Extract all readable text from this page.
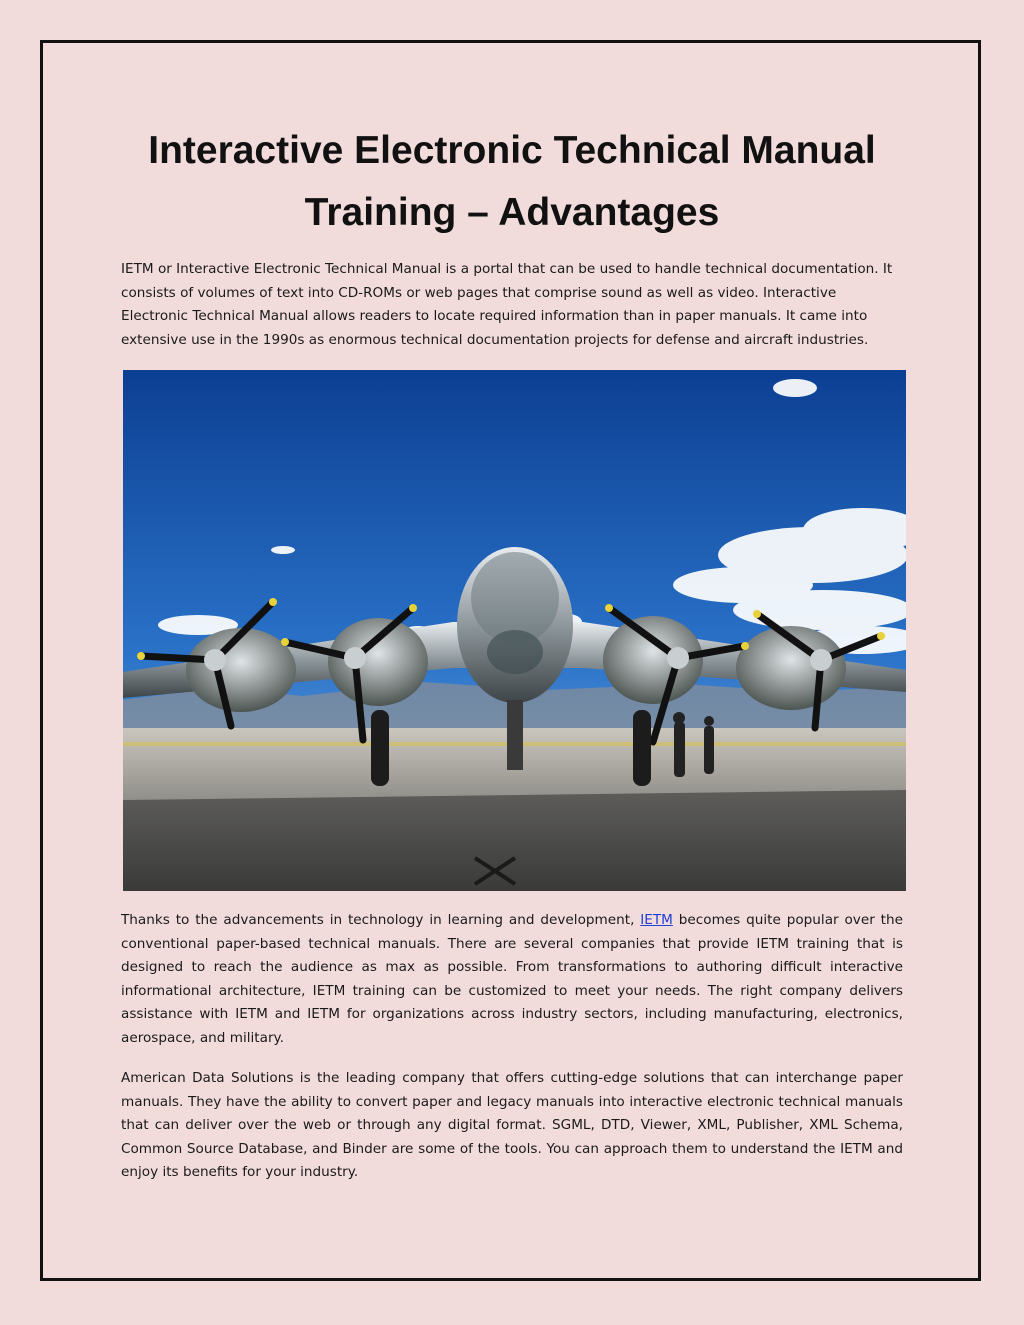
Interactive Electronic Technical Manual
Training – Advantages

IETM or Interactive Electronic Technical Manual is a portal that can be used to handle technical documentation. It consists of volumes of text into CD-ROMs or web pages that comprise sound as well as video. Interactive Electronic Technical Manual allows readers to locate required information than in paper manuals. It came into extensive use in the 1990s as enormous technical documentation projects for defense and aircraft industries.

Thanks to the advancements in technology in learning and development, IETM becomes quite popular over the conventional paper-based technical manuals. There are several companies that provide IETM training that is designed to reach the audience as max as possible. From transformations to authoring difficult interactive informational architecture, IETM training can be customized to meet your needs. The right company delivers assistance with IETM and IETM for organizations across industry sectors, including manufacturing, electronics, aerospace, and military.

American Data Solutions is the leading company that offers cutting-edge solutions that can interchange paper manuals. They have the ability to convert paper and legacy manuals into interactive electronic technical manuals that can deliver over the web or through any digital format. SGML, DTD, Viewer, XML, Publisher, XML Schema, Common Source Database, and Binder are some of the tools. You can approach them to understand the IETM and enjoy its benefits for your industry.
